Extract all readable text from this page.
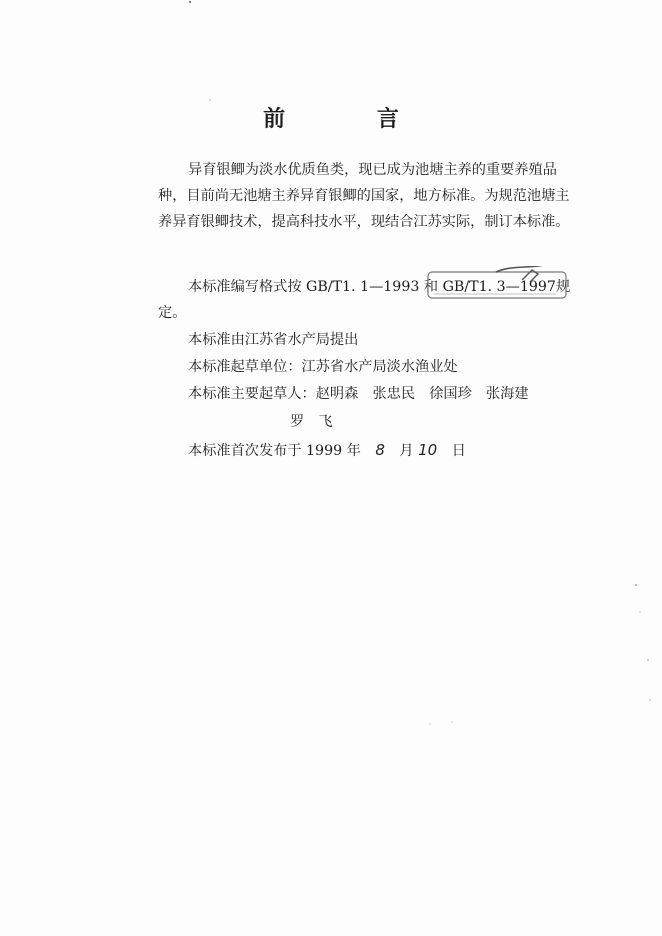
前 言

异育银鲫为淡水优质鱼类，现已成为池塘主养的重要养殖品种，目前尚无池塘主养异育银鲫的国家，地方标准。为规范池塘主养异育银鲫技术，提高科技水平，现结合江苏实际，制订本标准。

本标准编写格式按 GB/T1. 1—1993 和 GB/T1. 3—1997规定。

本标准由江苏省水产局提出
本标准起草单位：江苏省水产局淡水渔业处
本标准主要起草人：赵明森　张忠民　徐国珍　张海建
罗　飞
本标准首次发布于 1999 年 8 月 10 日
